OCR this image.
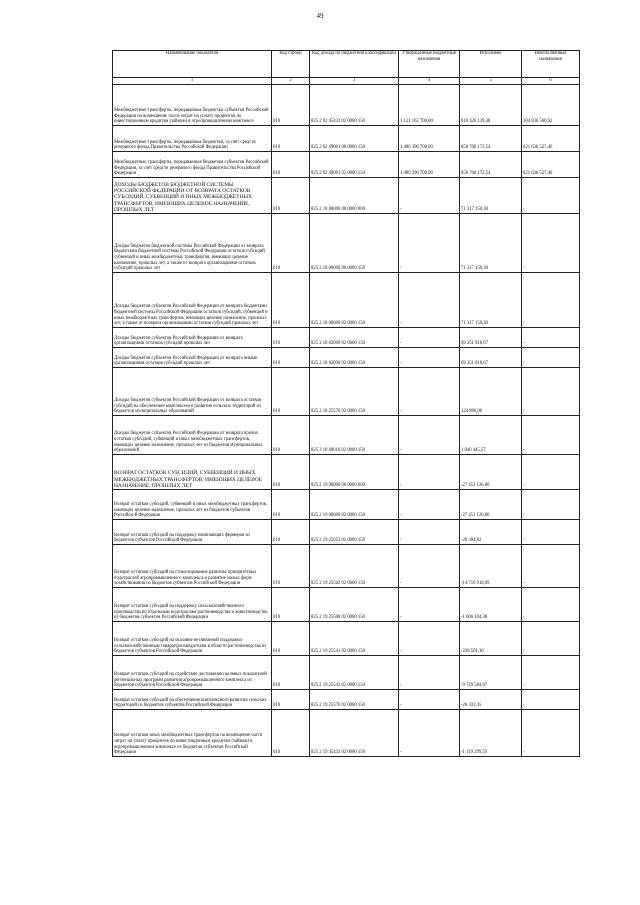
49
Наименование показателя	Код строки	Код дохода по бюджетной классификации	Утвержденные бюджетные назначения	Исполнено	Неисполненные назначения
1	2	3	4	5	6
Межбюджетные трансферты, передаваемые бюджетам субъектов Российской Федерации на возмещение части затрат на уплату процентов по инвестиционным кредитам (займам) в агропромышленном комплексе	010	825 2 02 45433 02 0000 150	1 121 162 700,00	816 326 139,38	304 836 560,62
Межбюджетные трансферты, передаваемые бюджетам, за счет средств резервного фонда Правительства Российской Федерации	010	825 2 02 49001 00 0000 150	1 480 396 700,00	858 760 172,54	621 636 527,46
Межбюджетные трансферты, передаваемые бюджетам субъектов Российской Федерации, за счет средств резервного фонда Правительства Российской Федерации	010	825 2 02 49001 02 0000 150	1 480 396 700,00	858 760 172,54	621 636 527,46
ДОХОДЫ БЮДЖЕТОВ БЮДЖЕТНОЙ СИСТЕМЫ РОССИЙСКОЙ ФЕДЕРАЦИИ ОТ ВОЗВРАТА ОСТАТКОВ СУБСИДИЙ, СУБВЕНЦИЙ И ИНЫХ МЕЖБЮДЖЕТНЫХ ТРАНСФЕРТОВ, ИМЕЮЩИХ ЦЕЛЕВОЕ НАЗНАЧЕНИЕ, ПРОШЛЫХ ЛЕТ	010	825 2 18 00000 00 0000 000	-	71 317 150,30	-
Доходы бюджетов бюджетной системы Российской Федерации от возврата бюджетами бюджетной системы Российской Федерации остатков субсидий, субвенций и иных межбюджетных трансфертов, имеющих целевое назначение, прошлых лет, а также от возврата организациями остатков субсидий прошлых лет	010	825 2 18 00000 00 0000 150	-	71 317 150,30	-
Доходы бюджетов субъектов Российской Федерации от возврата бюджетами бюджетной системы Российской Федерации остатков субсидий, субвенций и иных межбюджетных трансфертов, имеющих целевое назначение, прошлых лет, а также от возврата организациями остатков субсидий прошлых лет	010	825 2 18 00000 02 0000 150	-	71 317 150,30	-
Доходы бюджетов субъектов Российской Федерации от возврата организациями остатков субсидий прошлых лет	010	825 2 18 02000 02 0000 150	-	69 351 818,67	-
Доходы бюджетов субъектов Российской Федерации от возврата иными организациями остатков субсидий прошлых лет	010	825 2 18 02030 02 0000 150	-	69 351 818,67	-
Доходы бюджетов субъектов Российской Федерации от возврата остатков субсидий на обеспечение комплексного развития сельских территорий из бюджетов муниципальных образований	010	825 2 18 25576 02 0000 150	-	124 886,06	-
Доходы бюджетов субъектов Российской Федерации от возврата прочих остатков субсидий, субвенций и иных межбюджетных трансфертов, имеющих целевое назначение, прошлых лет из бюджетов муниципальных образований	010	825 2 18 60010 02 0000 150	-	1 840 445,57	-
ВОЗВРАТ ОСТАТКОВ СУБСИДИЙ, СУБВЕНЦИЙ И ИНЫХ МЕЖБЮДЖЕТНЫХ ТРАНСФЕРТОВ, ИМЕЮЩИХ ЦЕЛЕВОЕ НАЗНАЧЕНИЕ, ПРОШЛЫХ ЛЕТ	010	825 2 19 00000 00 0000 000	-	-27 451 126,80	-
Возврат остатков субсидий, субвенций и иных межбюджетных трансфертов, имеющих целевое назначение, прошлых лет из бюджетов субъектов Российской Федерации	010	825 2 19 00000 02 0000 150	-	-27 451 126,80	-
Возврат остатков субсидий на поддержку начинающих фермеров из бюджетов субъектов Российской Федерации	010	825 2 19 25053 02 0000 150	-	-20 384,82	-
Возврат остатков субсидий на стимулирование развития приоритетных подотраслей агропромышленного комплекса и развитие малых форм хозяйствования из бюджетов субъектов Российской Федерации	010	825 2 19 25502 02 0000 150	-	-14 710 918,69	-
Возврат остатков субсидий на поддержку сельскохозяйственного производства по отдельным подотраслям растениеводства и животноводства из бюджетов субъектов Российской Федерации	010	825 2 19 25508 02 0000 150	-	-1 606 104,38	-
Возврат остатков субсидий на оказание несвязанной поддержки сельскохозяйственным товаропроизводителям в области растениеводства из бюджетов субъектов Российской Федерации	010	825 2 19 25541 02 0000 150	-	-238 501,10	-
Возврат остатков субсидий на содействие достижению целевых показателей региональных программ развития агропромышленного комплекса из бюджетов субъектов Российской Федерации	010	825 2 19 25543 02 0000 150	-	-9 729 584,87	-
Возврат остатков субсидий на обеспечение комплексного развития сельских территорий из бюджетов субъектов Российской Федерации	010	825 2 19 25576 02 0000 150	-	-26 333,35	-
Возврат остатков иных межбюджетных трансфертов на возмещение части затрат на уплату процентов по инвестиционным кредитам (займам) в агропромышленном комплексе из бюджетов субъектов Российской Федерации	010	825 2 19 45433 02 0000 150	-	-1 119 299,59	-
